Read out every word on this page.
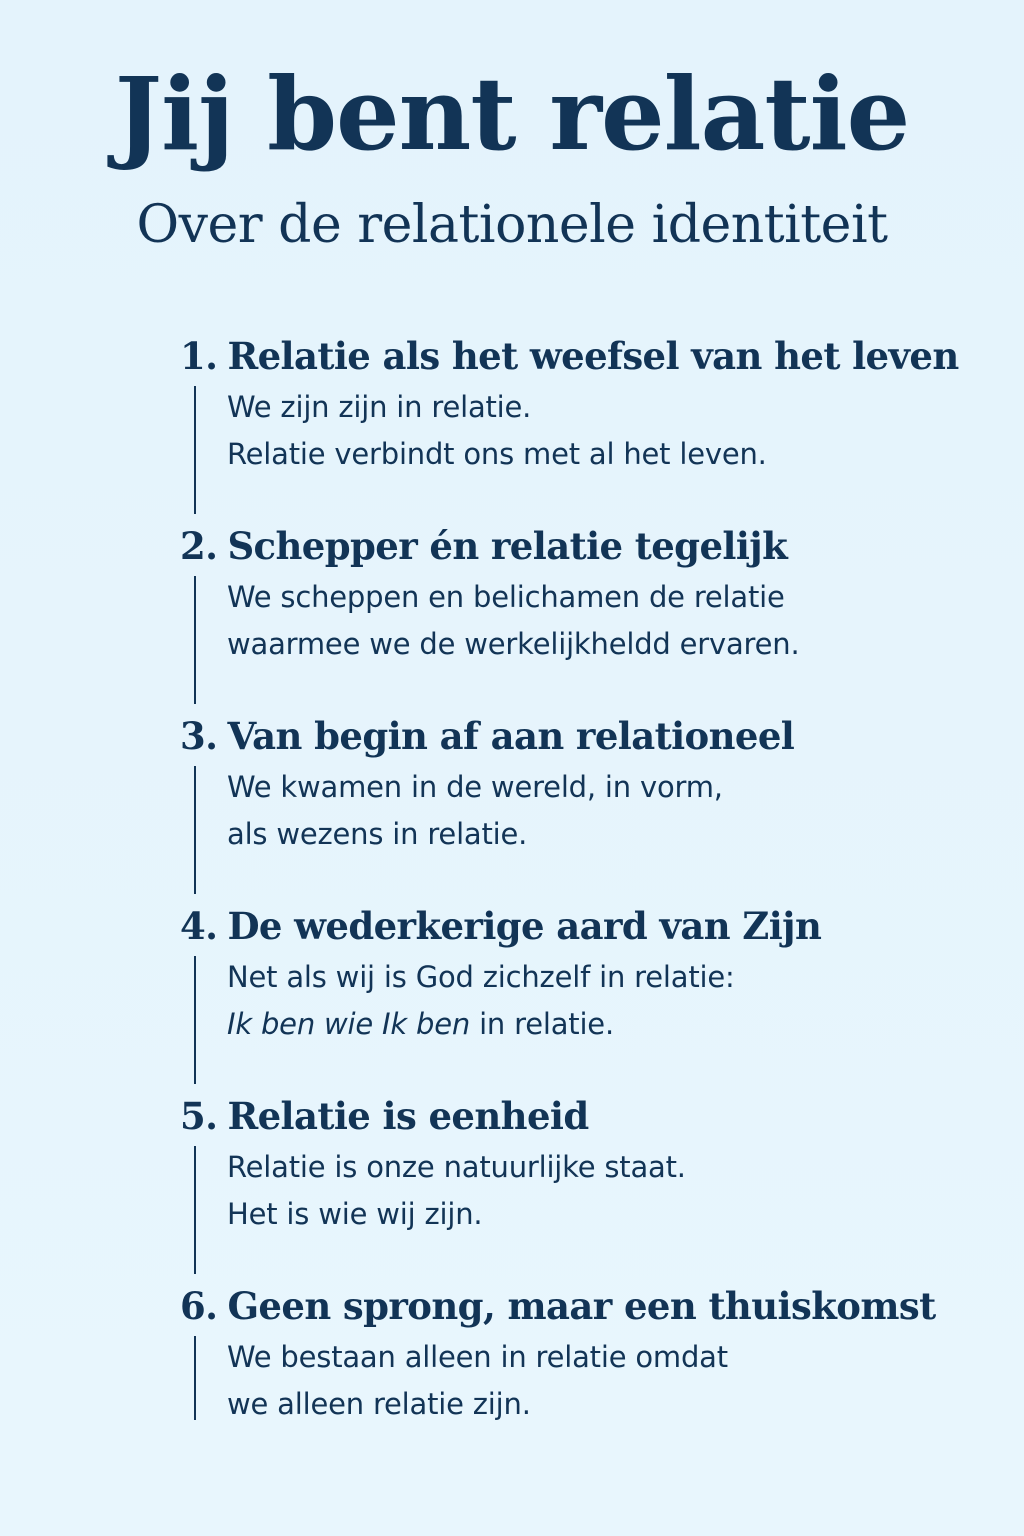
Jij bent relatie
Over de relationele identiteit
1. Relatie als het weefsel van het leven
We zijn zijn in relatie.
Relatie verbindt ons met al het leven.
2. Schepper én relatie tegelijk
We scheppen en belichamen de relatie
waarmee we de werkelijkheldd ervaren.
3. Van begin af aan relationeel
We kwamen in de wereld, in vorm,
als wezens in relatie.
4. De wederkerige aard van Zijn
Net als wij is God zichzelf in relatie:
Ik ben wie Ik ben in relatie.
5. Relatie is eenheid
Relatie is onze natuurlijke staat.
Het is wie wij zijn.
6. Geen sprong, maar een thuiskomst
We bestaan alleen in relatie omdat
we alleen relatie zijn.
